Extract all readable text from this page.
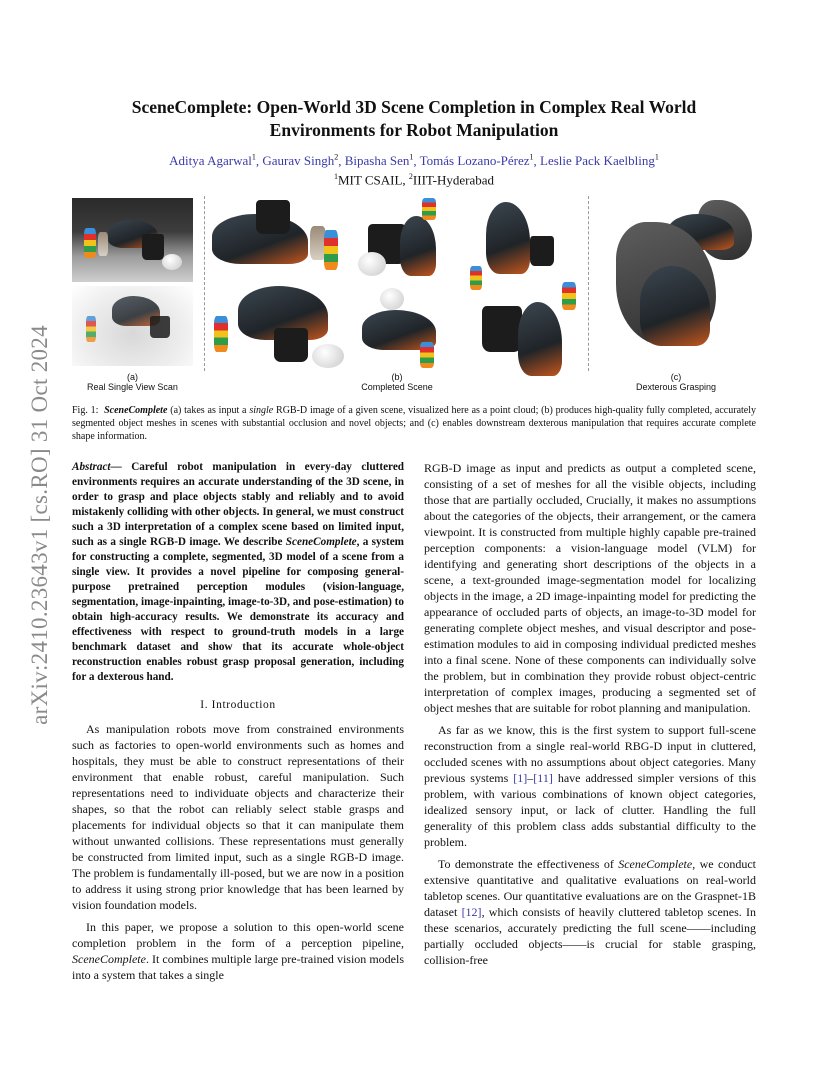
arXiv:2410.23643v1 [cs.RO] 31 Oct 2024
SceneComplete: Open-World 3D Scene Completion in Complex Real World Environments for Robot Manipulation
Aditya Agarwal$^1$, Gaurav Singh$^2$, Bipasha Sen$^1$, Tomás Lozano-Pérez$^1$, Leslie Pack Kaelbling$^1$
$^1$MIT CSAIL, $^2$IIIT-Hyderabad
(a)
Real Single View Scan
(b)
Completed Scene
(c)
Dexterous Grasping

Fig. 1: SceneComplete (a) takes as input a single RGB-D image of a given scene, visualized here as a point cloud; (b) produces high-quality fully completed, accurately segmented object meshes in scenes with substantial occlusion and novel objects; and (c) enables downstream dexterous manipulation that requires accurate complete shape information.

Abstract— Careful robot manipulation in every-day cluttered environments requires an accurate understanding of the 3D scene, in order to grasp and place objects stably and reliably and to avoid mistakenly colliding with other objects. In general, we must construct such a 3D interpretation of a complex scene based on limited input, such as a single RGB-D image. We describe SceneComplete, a system for constructing a complete, segmented, 3D model of a scene from a single view. It provides a novel pipeline for composing general-purpose pretrained perception modules (vision-language, segmentation, image-inpainting, image-to-3D, and pose-estimation) to obtain high-accuracy results. We demonstrate its accuracy and effectiveness with respect to ground-truth models in a large benchmark dataset and show that its accurate whole-object reconstruction enables robust grasp proposal generation, including for a dexterous hand.

I. Introduction

As manipulation robots move from constrained environments such as factories to open-world environments such as homes and hospitals, they must be able to construct representations of their environment that enable robust, careful manipulation. Such representations need to individuate objects and characterize their shapes, so that the robot can reliably select stable grasps and placements for individual objects so that it can manipulate them without unwanted collisions. These representations must generally be constructed from limited input, such as a single RGB-D image. The problem is fundamentally ill-posed, but we are now in a position to address it using strong prior knowledge that has been learned by vision foundation models.

In this paper, we propose a solution to this open-world scene completion problem in the form of a perception pipeline, SceneComplete. It combines multiple large pre-trained vision models into a system that takes a single

RGB-D image as input and predicts as output a completed scene, consisting of a set of meshes for all the visible objects, including those that are partially occluded, Crucially, it makes no assumptions about the categories of the objects, their arrangement, or the camera viewpoint. It is constructed from multiple highly capable pre-trained perception components: a vision-language model (VLM) for identifying and generating short descriptions of the objects in a scene, a text-grounded image-segmentation model for localizing objects in the image, a 2D image-inpainting model for predicting the appearance of occluded parts of objects, an image-to-3D model for generating complete object meshes, and visual descriptor and pose-estimation modules to aid in composing individual predicted meshes into a final scene. None of these components can individually solve the problem, but in combination they provide robust object-centric interpretation of complex images, producing a segmented set of object meshes that are suitable for robot planning and manipulation.

As far as we know, this is the first system to support full-scene reconstruction from a single real-world RBG-D input in cluttered, occluded scenes with no assumptions about object categories. Many previous systems [1]–[11] have addressed simpler versions of this problem, with various combinations of known object categories, idealized sensory input, or lack of clutter. Handling the full generality of this problem class adds substantial difficulty to the problem.

To demonstrate the effectiveness of SceneComplete, we conduct extensive quantitative and qualitative evaluations on real-world tabletop scenes. Our quantitative evaluations are on the Graspnet-1B dataset [12], which consists of heavily cluttered tabletop scenes. In these scenarios, accurately predicting the full scene——including partially occluded objects——is crucial for stable grasping, collision-free
